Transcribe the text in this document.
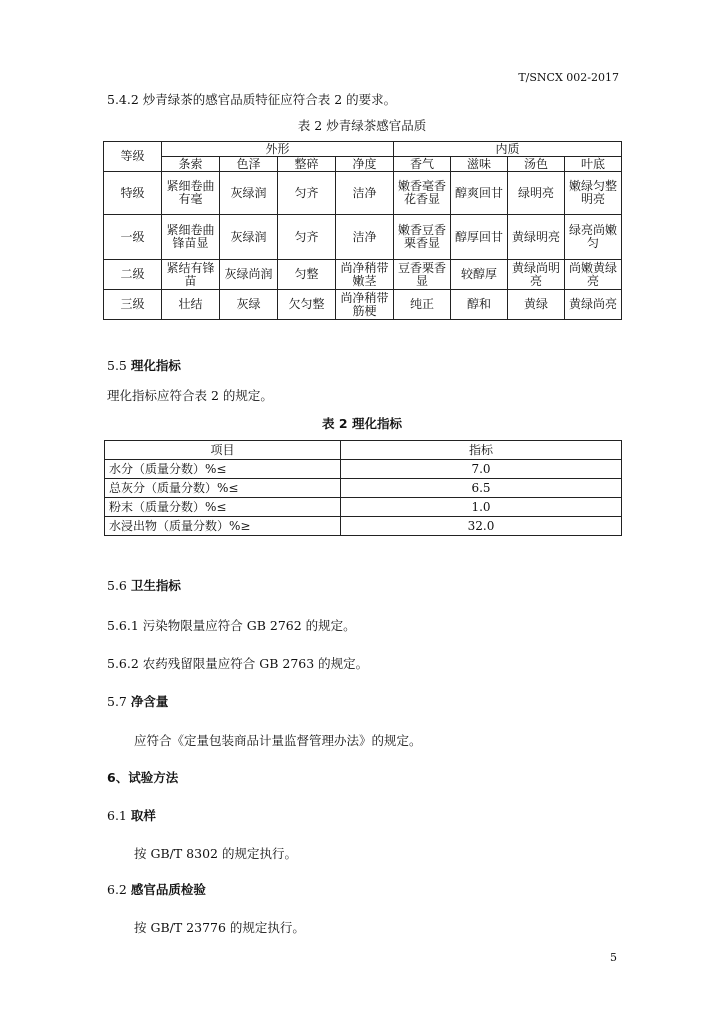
T/SNCX 002-2017
5.4.2 炒青绿茶的感官品质特征应符合表 2 的要求。
表 2 炒青绿茶感官品质
等级	外形				内质			
	条索	色泽	整碎	净度	香气	滋味	汤色	叶底
特级	紧细卷曲有毫	灰绿润	匀齐	洁净	嫩香毫香花香显	醇爽回甘	绿明亮	嫩绿匀整明亮
一级	紧细卷曲锋苗显	灰绿润	匀齐	洁净	嫩香豆香栗香显	醇厚回甘	黄绿明亮	绿亮尚嫩匀
二级	紧结有锋苗	灰绿尚润	匀整	尚净稍带嫩茎	豆香栗香显	较醇厚	黄绿尚明亮	尚嫩黄绿亮
三级	壮结	灰绿	欠匀整	尚净稍带筋梗	纯正	醇和	黄绿	黄绿尚亮
5.5 理化指标
理化指标应符合表 2 的规定。
表 2 理化指标
项目	指标
水分（质量分数）%≤	7.0
总灰分（质量分数）%≤	6.5
粉末（质量分数）%≤	1.0
水浸出物（质量分数）%≥	32.0
5.6 卫生指标
5.6.1 污染物限量应符合 GB 2762 的规定。
5.6.2 农药残留限量应符合 GB 2763 的规定。
5.7 净含量
应符合《定量包装商品计量监督管理办法》的规定。
6、试验方法
6.1 取样
按 GB/T 8302 的规定执行。
6.2 感官品质检验
按 GB/T 23776 的规定执行。
5
